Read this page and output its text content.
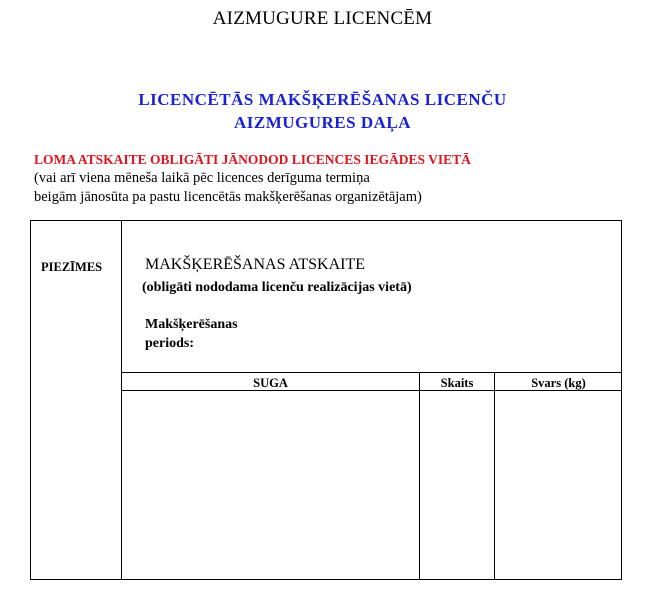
AIZMUGURE LICENCĒM
LICENCĒTĀS MAKŠĶERĒŠANAS LICENČU
AIZMUGURES DAĻA
LOMA ATSKAITE OBLIGĀTI JĀNODOD LICENCES IEGĀDES VIETĀ
(vai arī viena mēneša laikā pēc licences derīguma termiņa
beigām jānosūta pa pastu licencētās makšķerēšanas organizētājam)
PIEZĪMES	MAKŠĶERĒŠANAS ATSKAITE
(obligāti nododama licenču realizācijas vietā)
Makšķerēšanas
periods:
SUGA	Skaits	Svars (kg)
